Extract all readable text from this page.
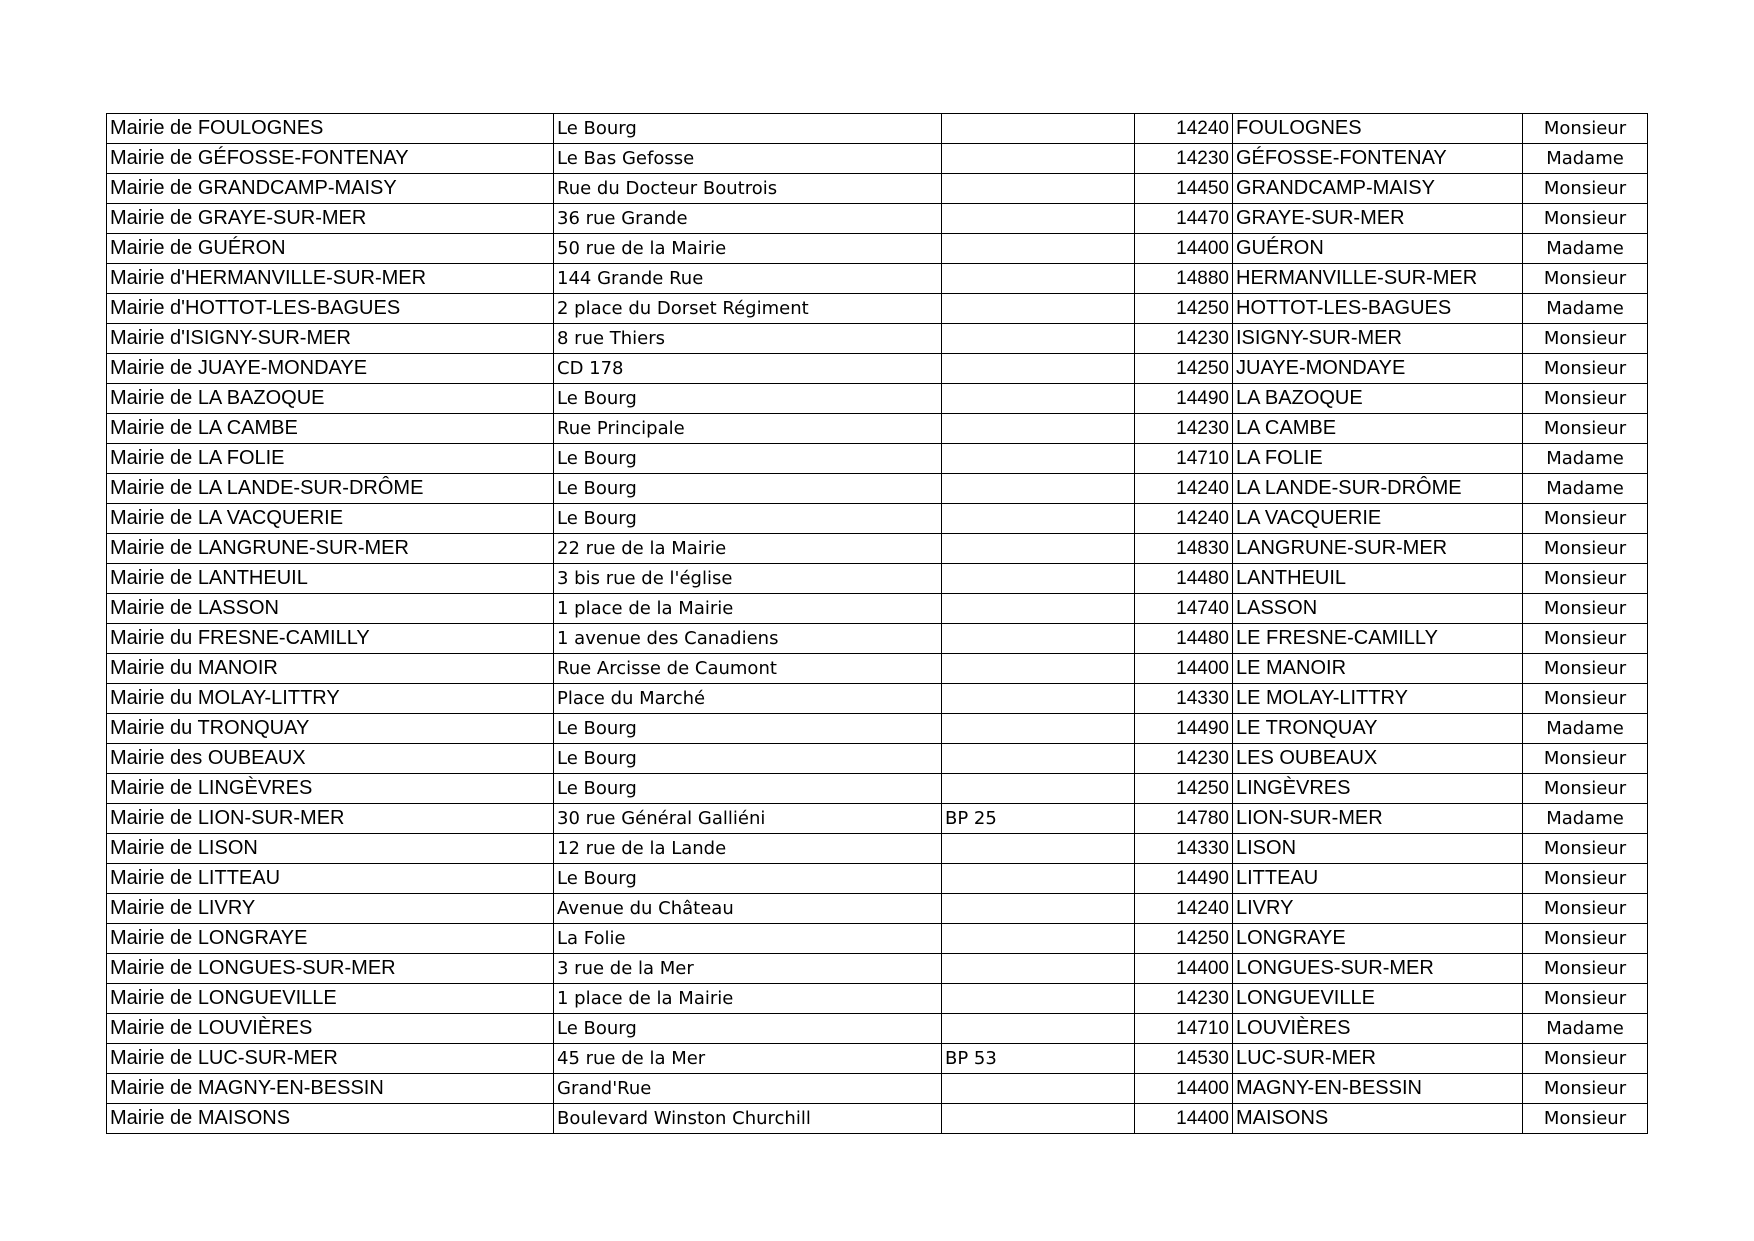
Mairie de FOULOGNES	Le Bourg		14240	FOULOGNES	Monsieur
Mairie de GÉFOSSE-FONTENAY	Le Bas Gefosse		14230	GÉFOSSE-FONTENAY	Madame
Mairie de GRANDCAMP-MAISY	Rue du Docteur Boutrois		14450	GRANDCAMP-MAISY	Monsieur
Mairie de GRAYE-SUR-MER	36 rue Grande		14470	GRAYE-SUR-MER	Monsieur
Mairie de GUÉRON	50 rue de la Mairie		14400	GUÉRON	Madame
Mairie d'HERMANVILLE-SUR-MER	144 Grande Rue		14880	HERMANVILLE-SUR-MER	Monsieur
Mairie d'HOTTOT-LES-BAGUES	2 place du Dorset Régiment		14250	HOTTOT-LES-BAGUES	Madame
Mairie d'ISIGNY-SUR-MER	8 rue Thiers		14230	ISIGNY-SUR-MER	Monsieur
Mairie de JUAYE-MONDAYE	CD 178		14250	JUAYE-MONDAYE	Monsieur
Mairie de LA BAZOQUE	Le Bourg		14490	LA BAZOQUE	Monsieur
Mairie de LA CAMBE	Rue Principale		14230	LA CAMBE	Monsieur
Mairie de LA FOLIE	Le Bourg		14710	LA FOLIE	Madame
Mairie de LA LANDE-SUR-DRÔME	Le Bourg		14240	LA LANDE-SUR-DRÔME	Madame
Mairie de LA VACQUERIE	Le Bourg		14240	LA VACQUERIE	Monsieur
Mairie de LANGRUNE-SUR-MER	22 rue de la Mairie		14830	LANGRUNE-SUR-MER	Monsieur
Mairie de LANTHEUIL	3 bis rue de l'église		14480	LANTHEUIL	Monsieur
Mairie de LASSON	1 place de la Mairie		14740	LASSON	Monsieur
Mairie du FRESNE-CAMILLY	1 avenue des Canadiens		14480	LE FRESNE-CAMILLY	Monsieur
Mairie du MANOIR	Rue Arcisse de Caumont		14400	LE MANOIR	Monsieur
Mairie du MOLAY-LITTRY	Place du Marché		14330	LE MOLAY-LITTRY	Monsieur
Mairie du TRONQUAY	Le Bourg		14490	LE TRONQUAY	Madame
Mairie des OUBEAUX	Le Bourg		14230	LES OUBEAUX	Monsieur
Mairie de LINGÈVRES	Le Bourg		14250	LINGÈVRES	Monsieur
Mairie de LION-SUR-MER	30 rue Général Galliéni	BP 25	14780	LION-SUR-MER	Madame
Mairie de LISON	12 rue de la Lande		14330	LISON	Monsieur
Mairie de LITTEAU	Le Bourg		14490	LITTEAU	Monsieur
Mairie de LIVRY	Avenue du Château		14240	LIVRY	Monsieur
Mairie de LONGRAYE	La Folie		14250	LONGRAYE	Monsieur
Mairie de LONGUES-SUR-MER	3 rue de la Mer		14400	LONGUES-SUR-MER	Monsieur
Mairie de LONGUEVILLE	1 place de la Mairie		14230	LONGUEVILLE	Monsieur
Mairie de LOUVIÈRES	Le Bourg		14710	LOUVIÈRES	Madame
Mairie de LUC-SUR-MER	45 rue de la Mer	BP 53	14530	LUC-SUR-MER	Monsieur
Mairie de MAGNY-EN-BESSIN	Grand'Rue		14400	MAGNY-EN-BESSIN	Monsieur
Mairie de MAISONS	Boulevard Winston Churchill		14400	MAISONS	Monsieur
